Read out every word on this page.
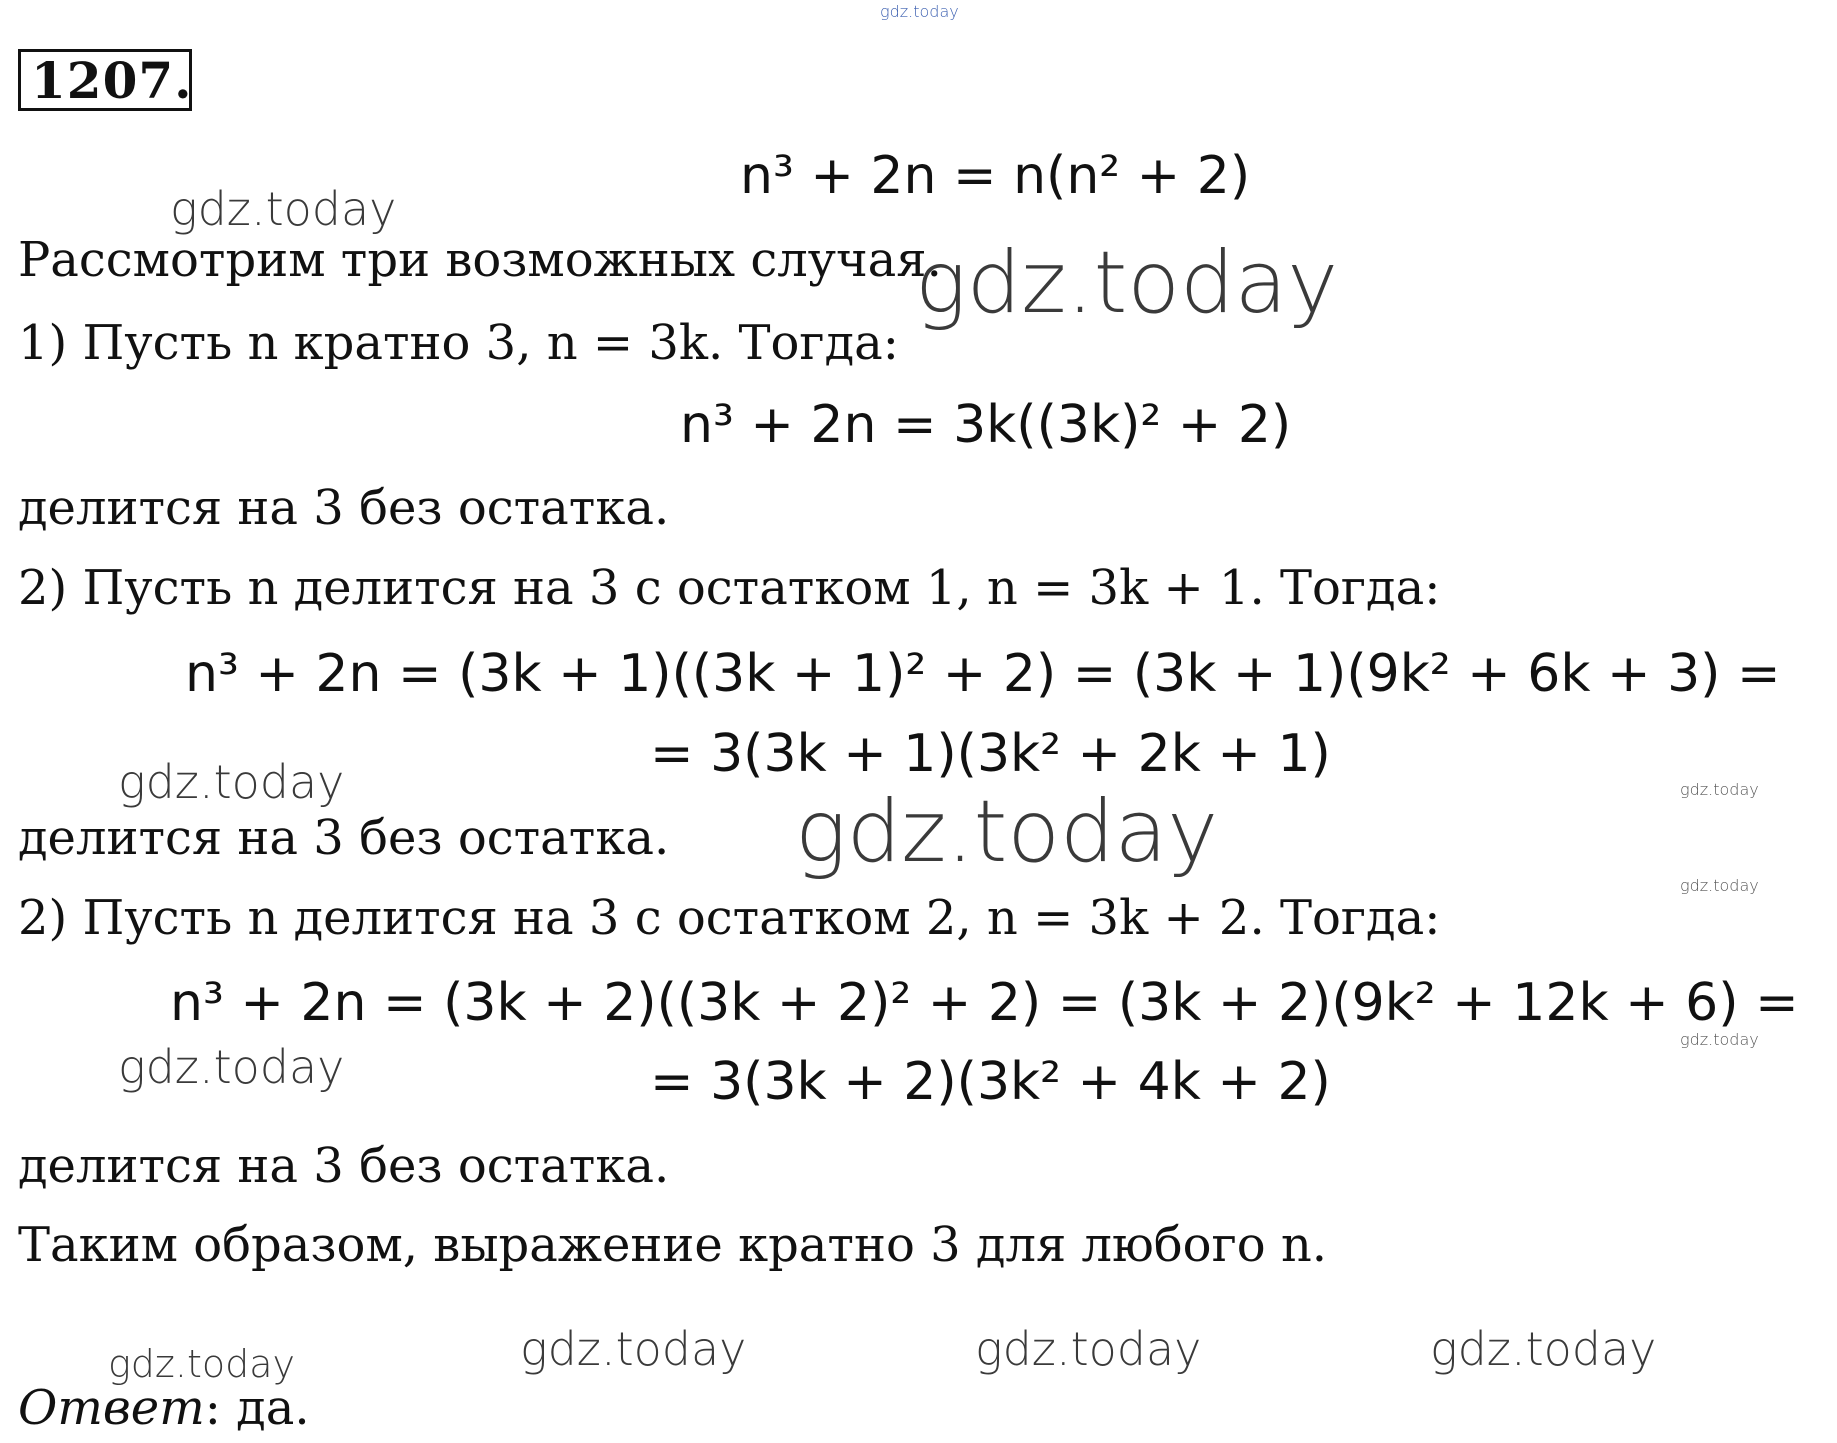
1207.
n³ + 2n = n(n² + 2)
Рассмотрим три возможных случая.
1) Пусть n кратно 3, n = 3k. Тогда:
n³ + 2n = 3k((3k)² + 2)
делится на 3 без остатка.
2) Пусть n делится на 3 с остатком 1, n = 3k + 1. Тогда:
n³ + 2n = (3k + 1)((3k + 1)² + 2) = (3k + 1)(9k² + 6k + 3) =
= 3(3k + 1)(3k² + 2k + 1)
делится на 3 без остатка.
2) Пусть n делится на 3 с остатком 2, n = 3k + 2. Тогда:
n³ + 2n = (3k + 2)((3k + 2)² + 2) = (3k + 2)(9k² + 12k + 6) =
= 3(3k + 2)(3k² + 4k + 2)
делится на 3 без остатка.
Таким образом, выражение кратно 3 для любого n.
Ответ: да.
gdz.today
gdz.today
gdz.today
gdz.today	gdz.today	gdz.today
gdz.today
gdz.today
gdz.today
gdz.today	gdz.today	gdz.today	gdz.today
